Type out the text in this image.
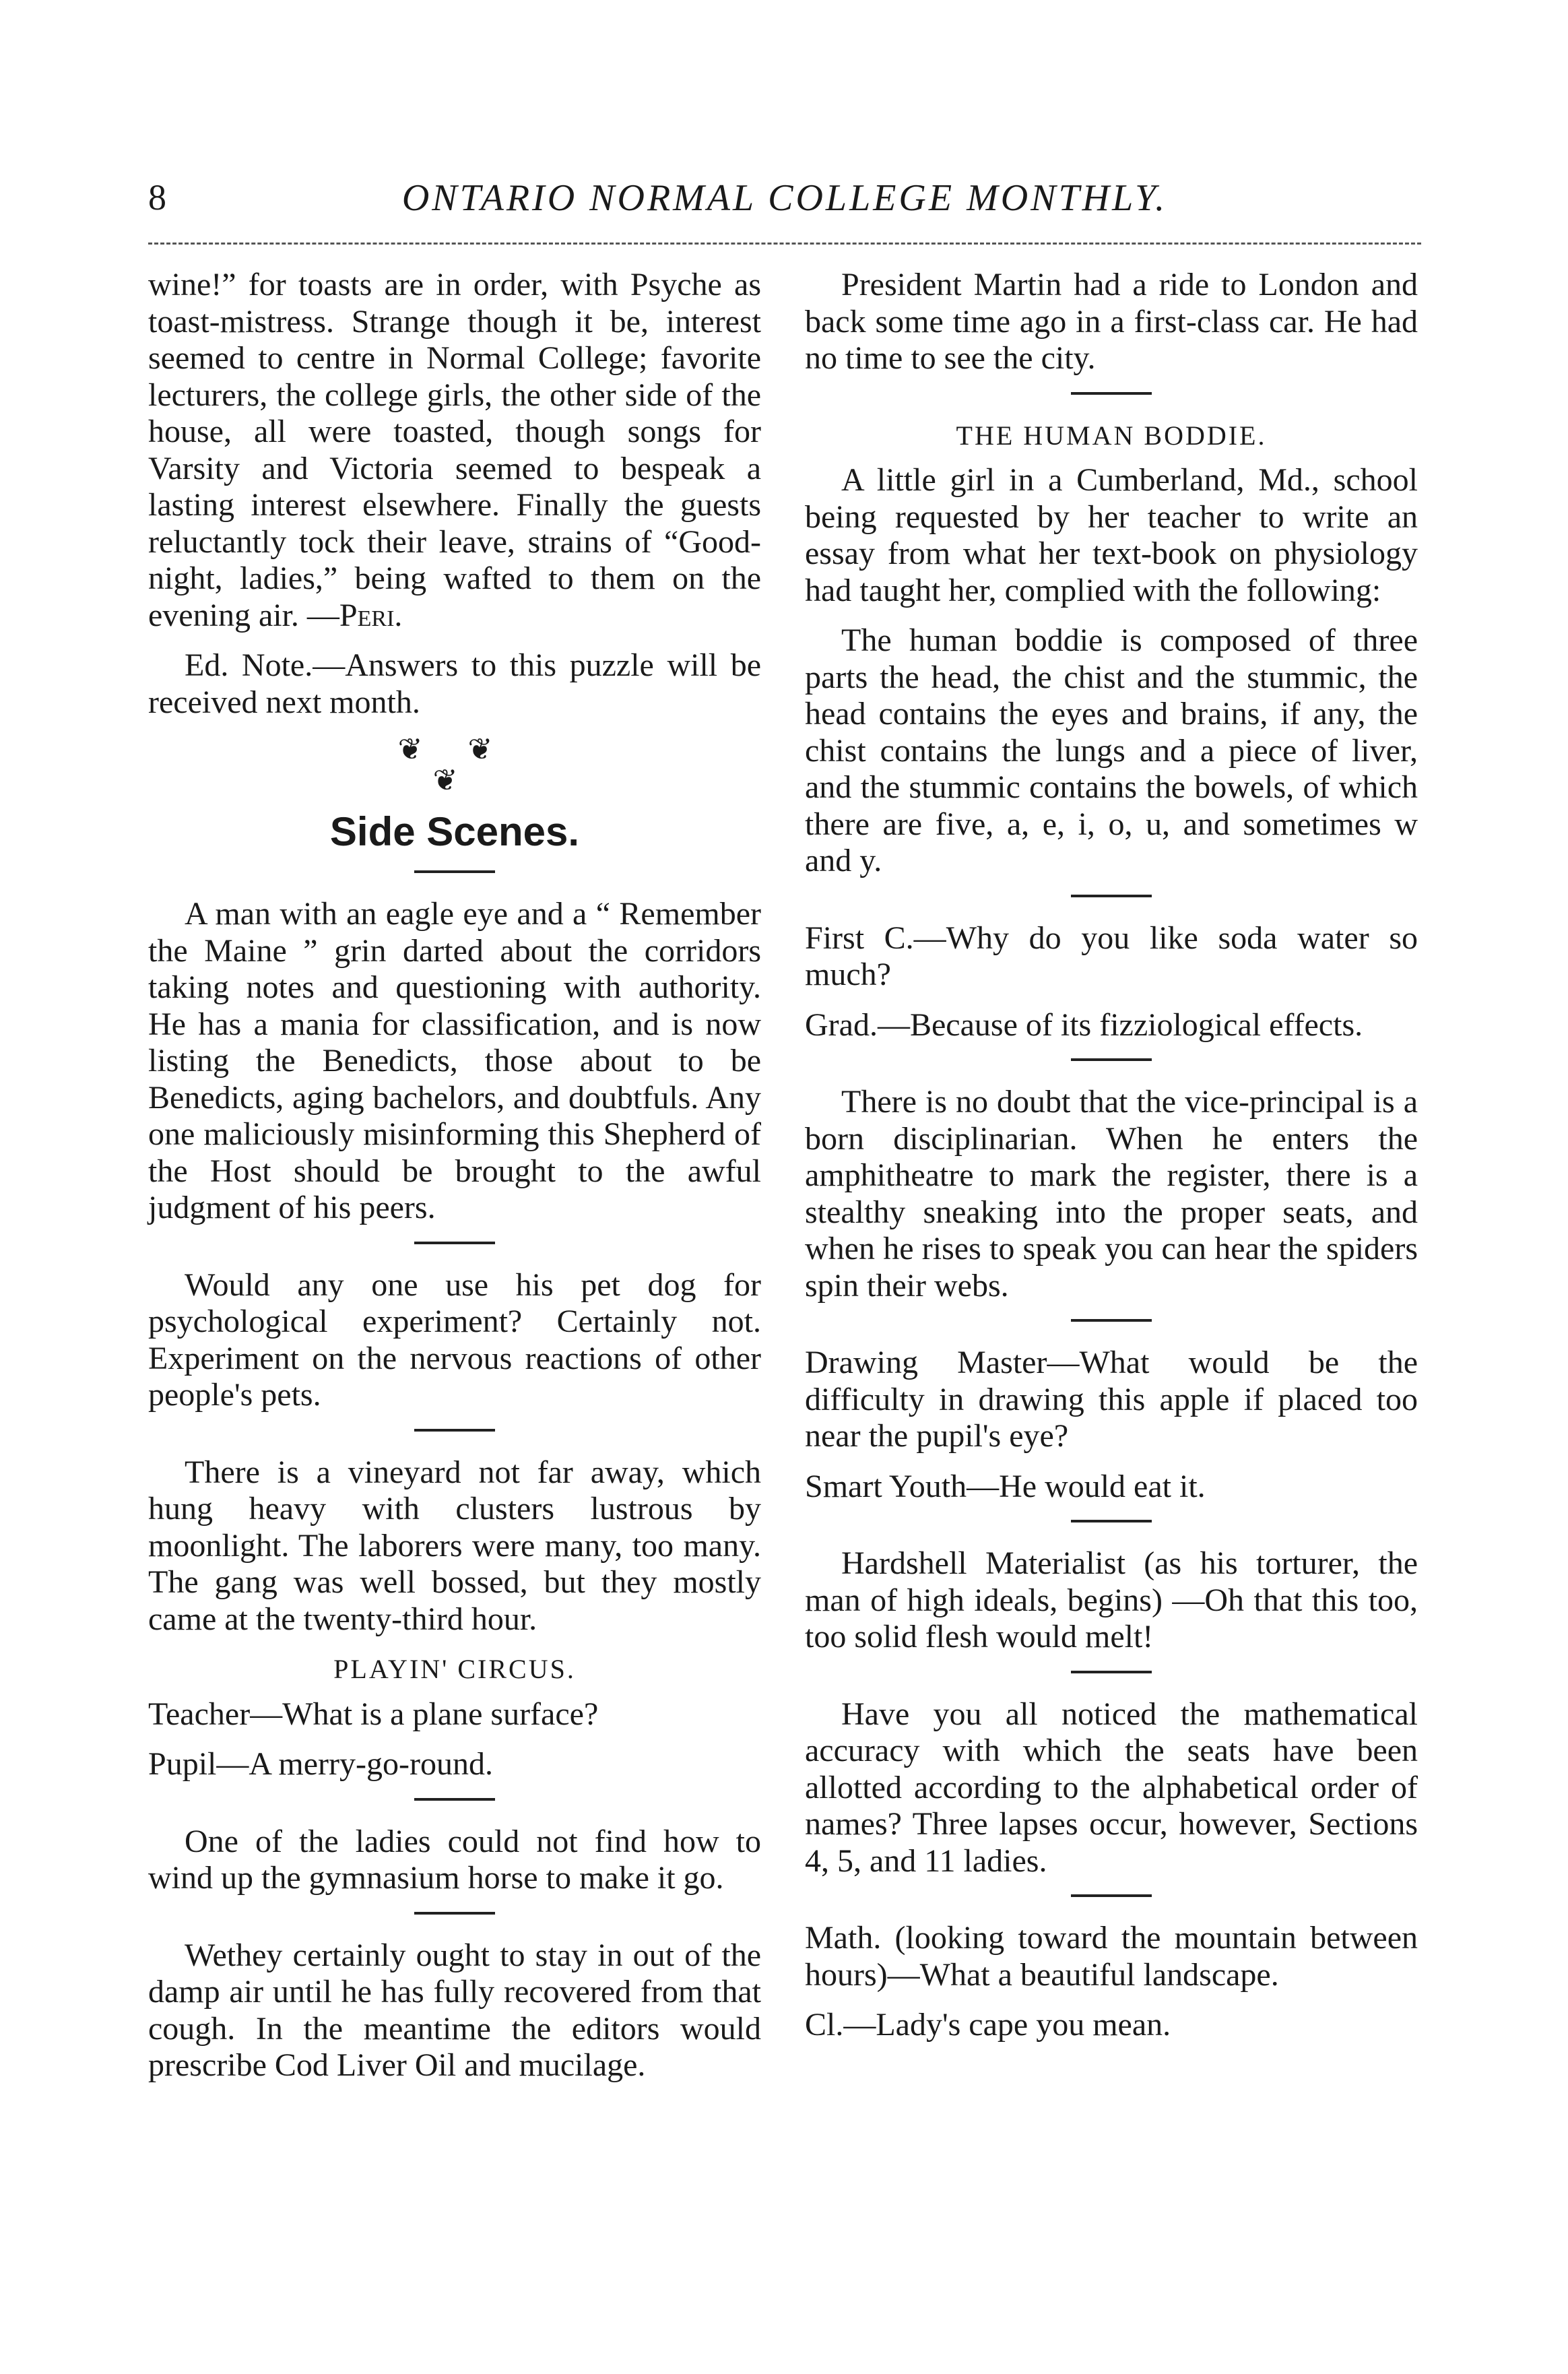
8	ONTARIO NORMAL COLLEGE MONTHLY.

wine!” for toasts are in order, with Psyche as toast-mistress. Strange though it be, interest seemed to centre in Normal College; favorite lecturers, the college girls, the other side of the house, all were toasted, though songs for Varsity and Victoria seemed to bespeak a lasting interest elsewhere. Finally the guests reluctantly tock their leave, strains of “Good-night, ladies,” being wafted to them on the evening air. —Peri.

Ed. Note.—Answers to this puzzle will be received next month.

❦ ❦
❦
Side Scenes.

A man with an eagle eye and a “ Remember the Maine ” grin darted about the corridors taking notes and questioning with authority. He has a mania for classification, and is now listing the Benedicts, those about to be Benedicts, aging bachelors, and doubtfuls. Any one maliciously misinforming this Shepherd of the Host should be brought to the awful judgment of his peers.

Would any one use his pet dog for psychological experiment? Certainly not. Experiment on the nervous reactions of other people's pets.

There is a vineyard not far away, which hung heavy with clusters lustrous by moonlight. The laborers were many, too many. The gang was well bossed, but they mostly came at the twenty-third hour.

PLAYIN' CIRCUS.

Teacher—What is a plane surface?

Pupil—A merry-go-round.

One of the ladies could not find how to wind up the gymnasium horse to make it go.

Wethey certainly ought to stay in out of the damp air until he has fully recovered from that cough. In the meantime the editors would prescribe Cod Liver Oil and mucilage.

President Martin had a ride to London and back some time ago in a first-class car. He had no time to see the city.

THE HUMAN BODDIE.

A little girl in a Cumberland, Md., school being requested by her teacher to write an essay from what her text-book on physiology had taught her, complied with the following:

The human boddie is composed of three parts the head, the chist and the stummic, the head contains the eyes and brains, if any, the chist contains the lungs and a piece of liver, and the stummic contains the bowels, of which there are five, a, e, i, o, u, and sometimes w and y.

First C.—Why do you like soda water so much?

Grad.—Because of its fizziological effects.

There is no doubt that the vice-principal is a born disciplinarian. When he enters the amphitheatre to mark the register, there is a stealthy sneaking into the proper seats, and when he rises to speak you can hear the spiders spin their webs.

Drawing Master—What would be the difficulty in drawing this apple if placed too near the pupil's eye?

Smart Youth—He would eat it.

Hardshell Materialist (as his torturer, the man of high ideals, begins) —Oh that this too, too solid flesh would melt!

Have you all noticed the mathematical accuracy with which the seats have been allotted according to the alphabetical order of names? Three lapses occur, however, Sections 4, 5, and 11 ladies.

Math. (looking toward the mountain between hours)—What a beautiful landscape.

Cl.—Lady's cape you mean.
